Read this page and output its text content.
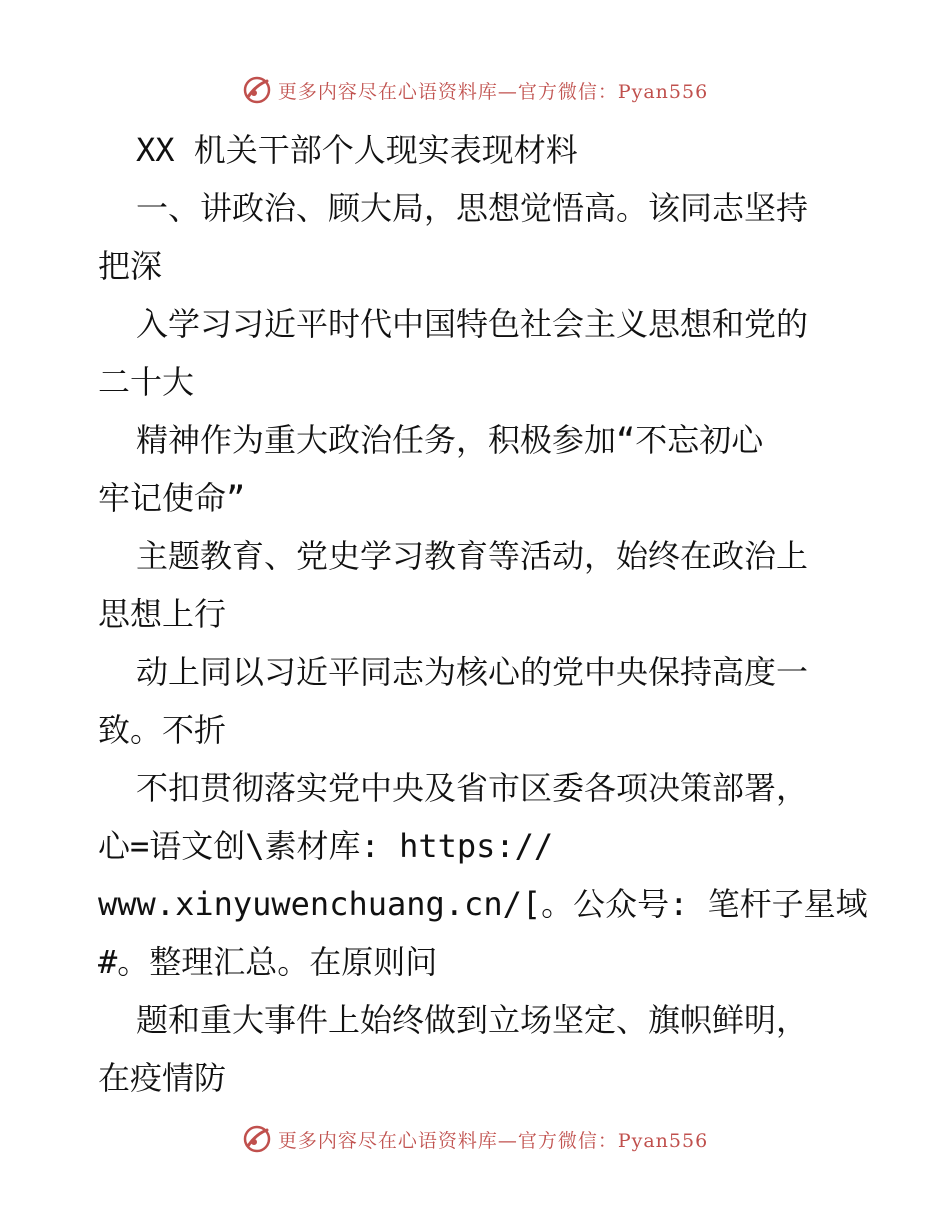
更多内容尽在心语资料库—官方微信：Pyan556
XX 机关干部个人现实表现材料
一、讲政治、顾大局，思想觉悟高。该同志坚持
把深
入学习习近平时代中国特色社会主义思想和党的
二十大
精神作为重大政治任务，积极参加“不忘初心
牢记使命”
主题教育、党史学习教育等活动，始终在政治上
思想上行
动上同以习近平同志为核心的党中央保持高度一
致。不折
不扣贯彻落实党中央及省市区委各项决策部署，
心=语文创\素材库: https://
www.xinyuwenchuang.cn/[。公众号: 笔杆子星域
#。整理汇总。在原则问
题和重大事件上始终做到立场坚定、旗帜鲜明，
在疫情防
更多内容尽在心语资料库—官方微信：Pyan556
